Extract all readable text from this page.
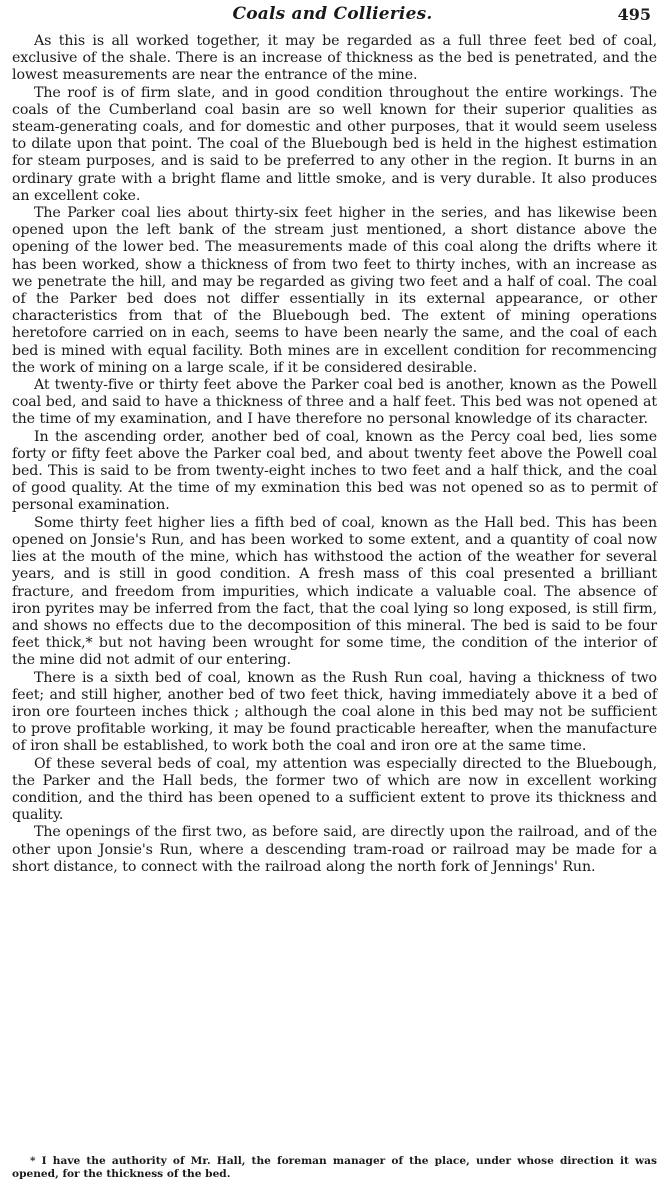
Coals and Collieries.	495

As this is all worked together, it may be regarded as a full three feet bed of coal, exclusive of the shale. There is an increase of thickness as the bed is penetrated, and the lowest measurements are near the entrance of the mine.

The roof is of firm slate, and in good condition throughout the entire workings. The coals of the Cumberland coal basin are so well known for their superior qualities as steam-generating coals, and for domestic and other purposes, that it would seem useless to dilate upon that point. The coal of the Bluebough bed is held in the highest estimation for steam purposes, and is said to be preferred to any other in the region. It burns in an ordinary grate with a bright flame and little smoke, and is very durable. It also produces an excellent coke.

The Parker coal lies about thirty-six feet higher in the series, and has likewise been opened upon the left bank of the stream just mentioned, a short distance above the opening of the lower bed. The measurements made of this coal along the drifts where it has been worked, show a thickness of from two feet to thirty inches, with an increase as we penetrate the hill, and may be regarded as giving two feet and a half of coal. The coal of the Parker bed does not differ essentially in its external appearance, or other characteristics from that of the Bluebough bed. The extent of mining operations heretofore carried on in each, seems to have been nearly the same, and the coal of each bed is mined with equal facility. Both mines are in excellent condition for recommencing the work of mining on a large scale, if it be considered desirable.

At twenty-five or thirty feet above the Parker coal bed is another, known as the Powell coal bed, and said to have a thickness of three and a half feet. This bed was not opened at the time of my examination, and I have therefore no personal knowledge of its character.

In the ascending order, another bed of coal, known as the Percy coal bed, lies some forty or fifty feet above the Parker coal bed, and about twenty feet above the Powell coal bed. This is said to be from twenty-eight inches to two feet and a half thick, and the coal of good quality. At the time of my exmination this bed was not opened so as to permit of personal examination.

Some thirty feet higher lies a fifth bed of coal, known as the Hall bed. This has been opened on Jonsie's Run, and has been worked to some extent, and a quantity of coal now lies at the mouth of the mine, which has withstood the action of the weather for several years, and is still in good condition. A fresh mass of this coal presented a brilliant fracture, and freedom from impurities, which indicate a valuable coal. The absence of iron pyrites may be inferred from the fact, that the coal lying so long exposed, is still firm, and shows no effects due to the decomposition of this mineral. The bed is said to be four feet thick,* but not having been wrought for some time, the condition of the interior of the mine did not admit of our entering.

There is a sixth bed of coal, known as the Rush Run coal, having a thickness of two feet; and still higher, another bed of two feet thick, having immediately above it a bed of iron ore fourteen inches thick ; although the coal alone in this bed may not be sufficient to prove profitable working, it may be found practicable hereafter, when the manufacture of iron shall be established, to work both the coal and iron ore at the same time.

Of these several beds of coal, my attention was especially directed to the Bluebough, the Parker and the Hall beds, the former two of which are now in excellent working condition, and the third has been opened to a sufficient extent to prove its thickness and quality.

The openings of the first two, as before said, are directly upon the railroad, and of the other upon Jonsie's Run, where a descending tram-road or railroad may be made for a short distance, to connect with the railroad along the north fork of Jennings' Run.

* I have the authority of Mr. Hall, the foreman manager of the place, under whose direction it was opened, for the thickness of the bed.
